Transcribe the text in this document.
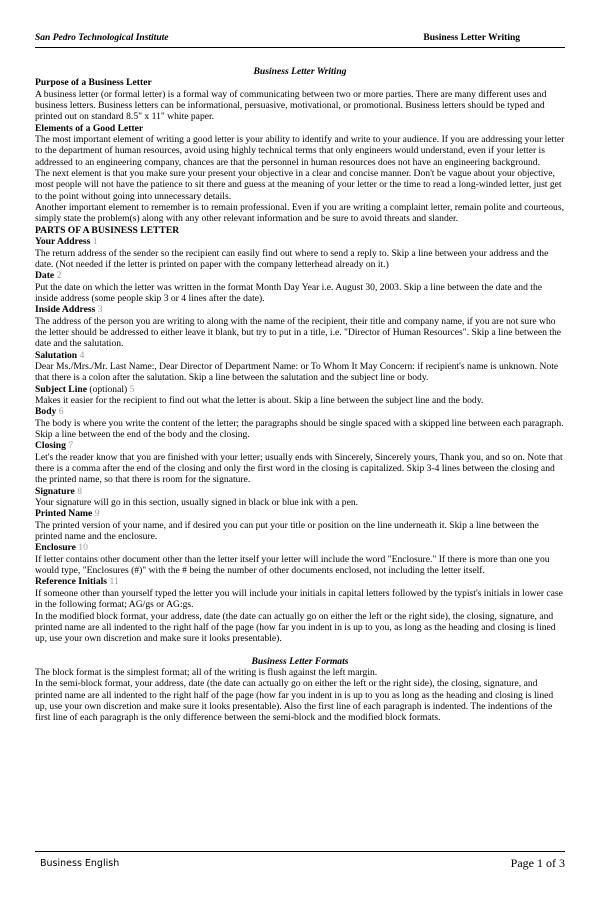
San Pedro Technological Institute	Business Letter Writing

Business Letter Writing

Purpose of a Business Letter

A business letter (or formal letter) is a formal way of communicating between two or more parties. There are many different uses and business letters. Business letters can be informational, persuasive, motivational, or promotional. Business letters should be typed and printed out on standard 8.5" x 11" white paper.

Elements of a Good Letter

The most important element of writing a good letter is your ability to identify and write to your audience. If you are addressing your letter to the department of human resources, avoid using highly technical terms that only engineers would understand, even if your letter is addressed to an engineering company, chances are that the personnel in human resources does not have an engineering background.

The next element is that you make sure your present your objective in a clear and concise manner. Don't be vague about your objective, most people will not have the patience to sit there and guess at the meaning of your letter or the time to read a long-winded letter, just get to the point without going into unnecessary details.

Another important element to remember is to remain professional. Even if you are writing a complaint letter, remain polite and courteous, simply state the problem(s) along with any other relevant information and be sure to avoid threats and slander.

PARTS OF A BUSINESS LETTER

Your Address 1

The return address of the sender so the recipient can easily find out where to send a reply to. Skip a line between your address and the date. (Not needed if the letter is printed on paper with the company letterhead already on it.)

Date 2

Put the date on which the letter was written in the format Month Day Year i.e. August 30, 2003. Skip a line between the date and the inside address (some people skip 3 or 4 lines after the date).

Inside Address 3

The address of the person you are writing to along with the name of the recipient, their title and company name, if you are not sure who the letter should be addressed to either leave it blank, but try to put in a title, i.e. "Director of Human Resources". Skip a line between the date and the salutation.

Salutation 4

Dear Ms./Mrs./Mr. Last Name:, Dear Director of Department Name: or To Whom It May Concern: if recipient's name is unknown. Note that there is a colon after the salutation. Skip a line between the salutation and the subject line or body.

Subject Line (optional) 5

Makes it easier for the recipient to find out what the letter is about. Skip a line between the subject line and the body.

Body 6

The body is where you write the content of the letter; the paragraphs should be single spaced with a skipped line between each paragraph. Skip a line between the end of the body and the closing.

Closing 7

Let's the reader know that you are finished with your letter; usually ends with Sincerely, Sincerely yours, Thank you, and so on. Note that there is a comma after the end of the closing and only the first word in the closing is capitalized. Skip 3-4 lines between the closing and the printed name, so that there is room for the signature.

Signature 8

Your signature will go in this section, usually signed in black or blue ink with a pen.

Printed Name 9

The printed version of your name, and if desired you can put your title or position on the line underneath it. Skip a line between the printed name and the enclosure.

Enclosure 10

If letter contains other document other than the letter itself your letter will include the word "Enclosure." If there is more than one you would type, "Enclosures (#)" with the # being the number of other documents enclosed, not including the letter itself.

Reference Initials 11

If someone other than yourself typed the letter you will include your initials in capital letters followed by the typist's initials in lower case in the following format; AG/gs or AG:gs.

In the modified block format, your address, date (the date can actually go on either the left or the right side), the closing, signature, and printed name are all indented to the right half of the page (how far you indent in is up to you, as long as the heading and closing is lined up, use your own discretion and make sure it looks presentable).

Business Letter Formats

The block format is the simplest format; all of the writing is flush against the left margin.

In the semi-block format, your address, date (the date can actually go on either the left or the right side), the closing, signature, and printed name are all indented to the right half of the page (how far you indent in is up to you as long as the heading and closing is lined up, use your own discretion and make sure it looks presentable). Also the first line of each paragraph is indented. The indentions of the first line of each paragraph is the only difference between the semi-block and the modified block formats.

Business English	Page 1 of 3
